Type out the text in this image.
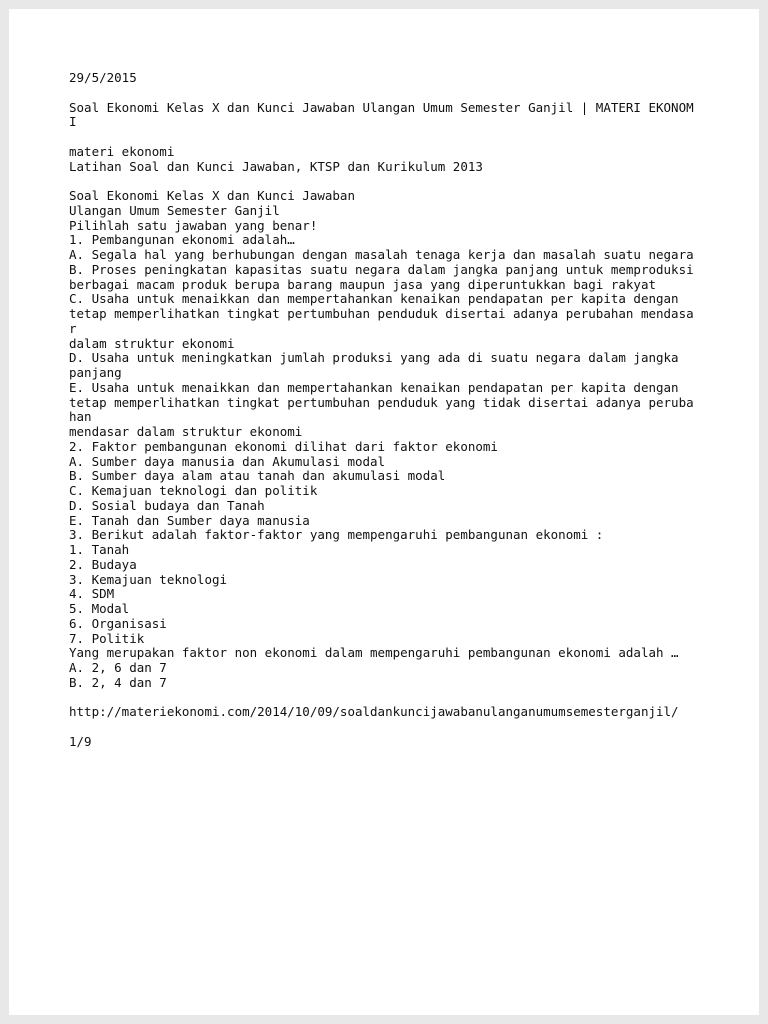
29/5/2015
Soal Ekonomi Kelas X dan Kunci Jawaban Ulangan Umum Semester Ganjil | MATERI EKONOM
I
materi ekonomi
Latihan Soal dan Kunci Jawaban, KTSP dan Kurikulum 2013
Soal Ekonomi Kelas X dan Kunci Jawaban
Ulangan Umum Semester Ganjil
Pilihlah satu jawaban yang benar!
1. Pembangunan ekonomi adalah…
A. Segala hal yang berhubungan dengan masalah tenaga kerja dan masalah suatu negara
B. Proses peningkatan kapasitas suatu negara dalam jangka panjang untuk memproduksi
berbagai macam produk berupa barang maupun jasa yang diperuntukkan bagi rakyat
C. Usaha untuk menaikkan dan mempertahankan kenaikan pendapatan per kapita dengan
tetap memperlihatkan tingkat pertumbuhan penduduk disertai adanya perubahan mendasa
r
dalam struktur ekonomi
D. Usaha untuk meningkatkan jumlah produksi yang ada di suatu negara dalam jangka
panjang
E. Usaha untuk menaikkan dan mempertahankan kenaikan pendapatan per kapita dengan
tetap memperlihatkan tingkat pertumbuhan penduduk yang tidak disertai adanya peruba
han
mendasar dalam struktur ekonomi
2. Faktor pembangunan ekonomi dilihat dari faktor ekonomi
A. Sumber daya manusia dan Akumulasi modal
B. Sumber daya alam atau tanah dan akumulasi modal
C. Kemajuan teknologi dan politik
D. Sosial budaya dan Tanah
E. Tanah dan Sumber daya manusia
3. Berikut adalah faktor-faktor yang mempengaruhi pembangunan ekonomi :
1. Tanah
2. Budaya
3. Kemajuan teknologi
4. SDM
5. Modal
6. Organisasi
7. Politik
Yang merupakan faktor non ekonomi dalam mempengaruhi pembangunan ekonomi adalah …
A. 2, 6 dan 7
B. 2, 4 dan 7
http://materiekonomi.com/2014/10/09/soaldankuncijawabanulanganumumsemesterganjil/
1/9
